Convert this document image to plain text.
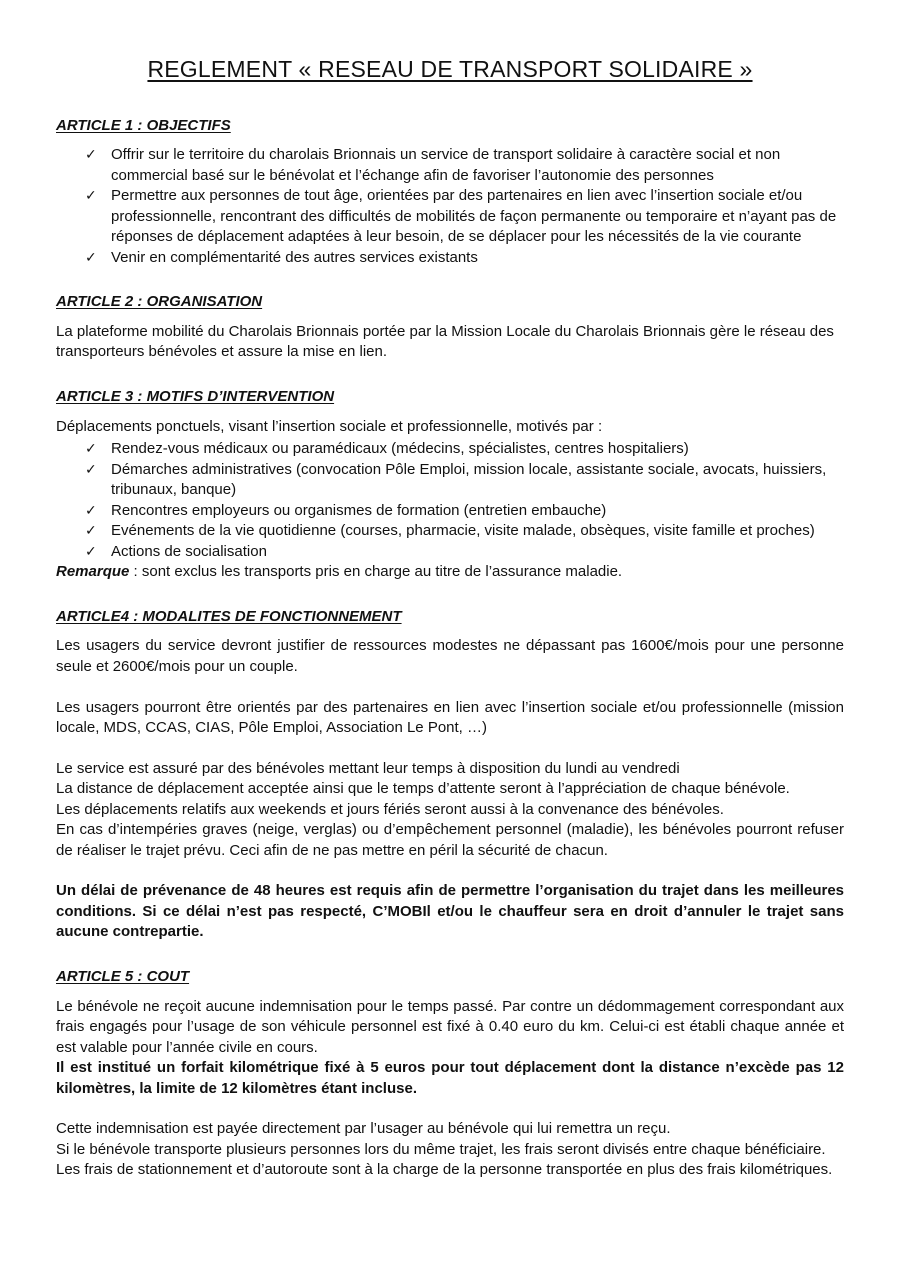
REGLEMENT « RESEAU DE TRANSPORT SOLIDAIRE »
ARTICLE 1 : OBJECTIFS
✓ Offrir sur le territoire du charolais Brionnais un service de transport solidaire à caractère social et non commercial basé sur le bénévolat et l’échange afin de favoriser l’autonomie des personnes
✓ Permettre aux personnes de tout âge, orientées par des partenaires en lien avec l’insertion sociale et/ou professionnelle, rencontrant des difficultés de mobilités de façon permanente ou temporaire et n’ayant pas de réponses de déplacement adaptées à leur besoin, de se déplacer pour les nécessités de la vie courante
✓ Venir en complémentarité des autres services existants
ARTICLE 2 : ORGANISATION

La plateforme mobilité du Charolais Brionnais portée par la Mission Locale du Charolais Brionnais gère le réseau des transporteurs bénévoles et assure la mise en lien.

ARTICLE 3 : MOTIFS D’INTERVENTION

Déplacements ponctuels, visant l’insertion sociale et professionnelle, motivés par :

✓ Rendez-vous médicaux ou paramédicaux (médecins, spécialistes, centres hospitaliers)
✓ Démarches administratives (convocation Pôle Emploi, mission locale, assistante sociale, avocats, huissiers, tribunaux, banque)
✓ Rencontres employeurs ou organismes de formation (entretien embauche)
✓ Evénements de la vie quotidienne (courses, pharmacie, visite malade, obsèques, visite famille et proches)
✓ Actions de socialisation

Remarque : sont exclus les transports pris en charge au titre de l’assurance maladie.

ARTICLE4 : MODALITES DE FONCTIONNEMENT

Les usagers du service devront justifier de ressources modestes ne dépassant pas 1600€/mois pour une personne seule et 2600€/mois pour un couple.

Les usagers pourront être orientés par des partenaires en lien avec l’insertion sociale et/ou professionnelle (mission locale, MDS, CCAS, CIAS, Pôle Emploi, Association Le Pont, …)

Le service est assuré par des bénévoles mettant leur temps à disposition du lundi au vendredi

La distance de déplacement acceptée ainsi que le temps d’attente seront à l’appréciation de chaque bénévole.

Les déplacements relatifs aux weekends et jours fériés seront aussi à la convenance des bénévoles.

En cas d’intempéries graves (neige, verglas) ou d’empêchement personnel (maladie), les bénévoles pourront refuser de réaliser le trajet prévu. Ceci afin de ne pas mettre en péril la sécurité de chacun.

Un délai de prévenance de 48 heures est requis afin de permettre l’organisation du trajet dans les meilleures conditions. Si ce délai n’est pas respecté, C’MOBIl et/ou le chauffeur sera en droit d’annuler le trajet sans aucune contrepartie.

ARTICLE 5 : COUT

Le bénévole ne reçoit aucune indemnisation pour le temps passé. Par contre un dédommagement correspondant aux frais engagés pour l’usage de son véhicule personnel est fixé à 0.40 euro du km. Celui-ci est établi chaque année et est valable pour l’année civile en cours.

Il est institué un forfait kilométrique fixé à 5 euros pour tout déplacement dont la distance n’excède pas 12 kilomètres, la limite de 12 kilomètres étant incluse.

Cette indemnisation est payée directement par l’usager au bénévole qui lui remettra un reçu.

Si le bénévole transporte plusieurs personnes lors du même trajet, les frais seront divisés entre chaque bénéficiaire.

Les frais de stationnement et d’autoroute sont à la charge de la personne transportée en plus des frais kilométriques.
